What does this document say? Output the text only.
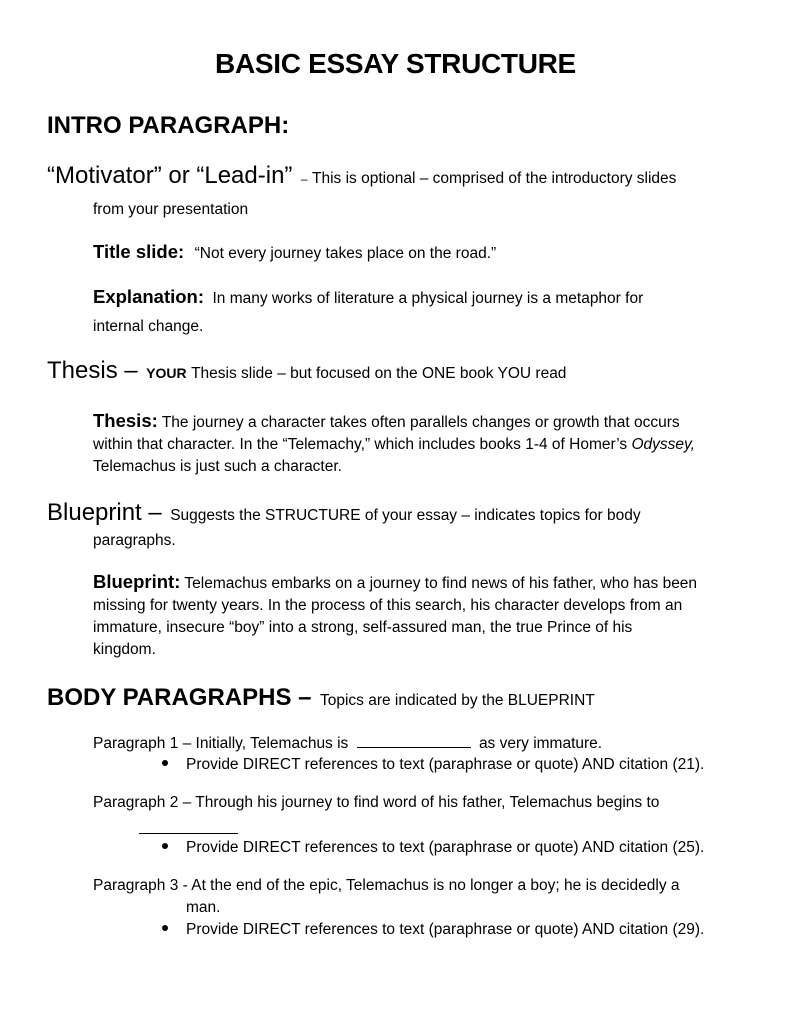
BASIC ESSAY STRUCTURE
INTRO PARAGRAPH:
“Motivator” or “Lead-in” – This is optional – comprised of the introductory slides
from your presentation
Title slide: “Not every journey takes place on the road.”
Explanation: In many works of literature a physical journey is a metaphor for
internal change.
Thesis – YOUR Thesis slide – but focused on the ONE book YOU read
Thesis: The journey a character takes often parallels changes or growth that occurs
within that character. In the “Telemachy,” which includes books 1-4 of Homer’s Odyssey,
Telemachus is just such a character.
Blueprint – Suggests the STRUCTURE of your essay – indicates topics for body
paragraphs.
Blueprint: Telemachus embarks on a journey to find news of his father, who has been
missing for twenty years. In the process of this search, his character develops from an
immature, insecure “boy” into a strong, self-assured man, the true Prince of his
kingdom.
BODY PARAGRAPHS – Topics are indicated by the BLUEPRINT
Paragraph 1 – Initially, Telemachus is	as very immature.
Provide DIRECT references to text (paraphrase or quote) AND citation (21).
Paragraph 2 – Through his journey to find word of his father, Telemachus begins to
Provide DIRECT references to text (paraphrase or quote) AND citation (25).
Paragraph 3 - At the end of the epic, Telemachus is no longer a boy; he is decidedly a
man.
Provide DIRECT references to text (paraphrase or quote) AND citation (29).
